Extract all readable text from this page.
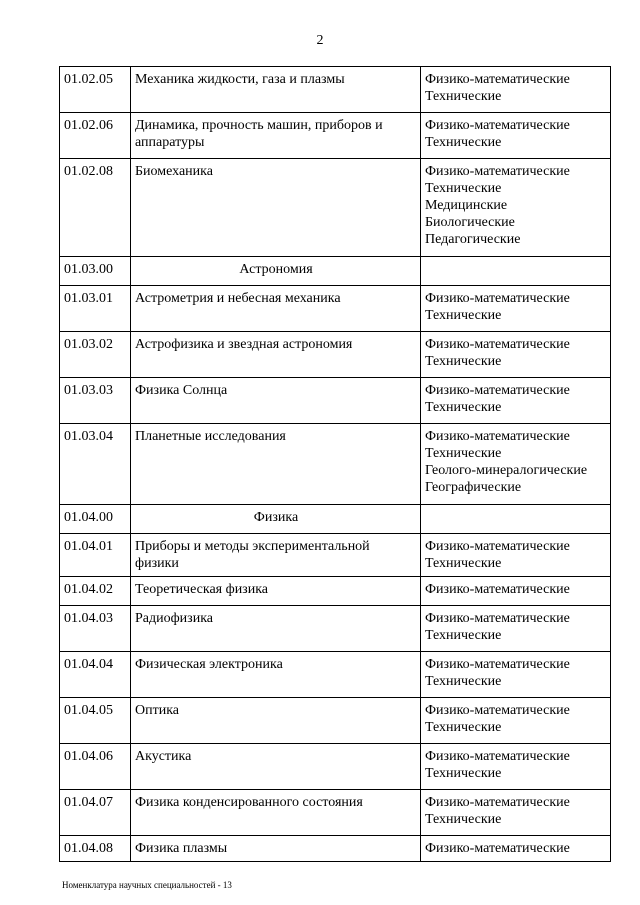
2
01.02.05	Механика жидкости, газа и плазмы	Физико-математические
Технические

01.02.06	Динамика, прочность машин, приборов и аппаратуры	Физико-математические
Технические

01.02.08	Биомеханика	Физико-математические
Технические
Медицинские
Биологические
Педагогические

01.03.00	Астрономия	
01.03.01	Астрометрия и небесная механика	Физико-математические
Технические

01.03.02	Астрофизика и звездная астрономия	Физико-математические
Технические

01.03.03	Физика Солнца	Физико-математические
Технические

01.03.04	Планетные исследования	Физико-математические
Технические
Геолого-минералогические
Географические

01.04.00	Физика	
01.04.01	Приборы и методы экспериментальной физики	Физико-математические
Технические

01.04.02	Теоретическая физика	Физико-математические

01.04.03	Радиофизика	Физико-математические
Технические

01.04.04	Физическая электроника	Физико-математические
Технические

01.04.05	Оптика	Физико-математические
Технические

01.04.06	Акустика	Физико-математические
Технические

01.04.07	Физика конденсированного состояния	Физико-математические
Технические

01.04.08	Физика плазмы	Физико-математические
Номенклатура научных специальностей - 13
